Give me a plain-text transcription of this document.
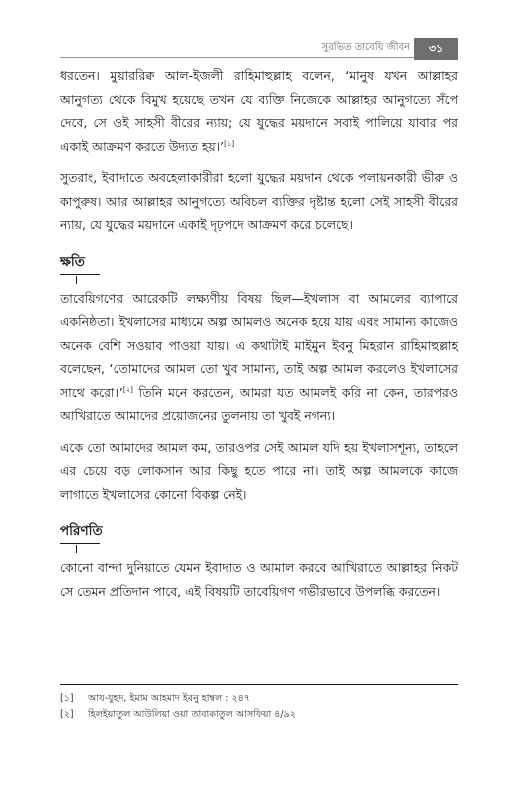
সুরভিত তাবেয়ি জীবন	৩১

ধরতেন। মুয়াররিক্ব আল-ইজলী রাহিমাহুল্লাহ বলেন, ‘মানুষ যখন আল্লাহর আনুগত্য থেকে বিমুখ হয়েছে তখন যে ব্যক্তি নিজেকে আল্লাহর আনুগত্যে সঁপে দেবে, সে ওই সাহসী বীরের ন্যায়; যে যুদ্ধের ময়দানে সবাই পালিয়ে যাবার পর একাই আক্রমণ করতে উদ্যত হয়।’[১]

সুতরাং, ইবাদাতে অবহেলাকারীরা হলো যুদ্ধের ময়দান থেকে পলায়নকারী ভীরু ও কাপুরুষ। আর আল্লাহর আনুগত্যে অবিচল ব্যক্তির দৃষ্টান্ত হলো সেই সাহসী বীরের ন্যায়, যে যুদ্ধের ময়দানে একাই দৃঢ়পদে আক্রমণ করে চলেছে।

ক্ষতি

তাবেয়িগণের আরেকটি লক্ষ্যণীয় বিষয় ছিল—ইখলাস বা আমলের ব্যাপারে একনিষ্ঠতা। ইখলাসের মাধ্যমে অল্প আমলও অনেক হয়ে যায় এবং সামান্য কাজেও অনেক বেশি সওয়াব পাওয়া যায়। এ কথাটাই মাইমুন ইবনু মিহরান রাহিমাহুল্লাহ বলেছেন, ‘তোমাদের আমল তো খুব সামান্য, তাই অল্প আমল করলেও ইখলাসের সাথে করো।’[২] তিনি মনে করতেন, আমরা যত আমলই করি না কেন, তারপরও আখিরাতে আমাদের প্রয়োজনের তুলনায় তা খুবই নগন্য।

একে তো আমাদের আমল কম, তারওপর সেই আমল যদি হয় ইখলাসশূন্য, তাহলে এর চেয়ে বড় লোকসান আর কিছু হতে পারে না। তাই অল্প আমলকে কাজে লাগাতে ইখলাসের কোনো বিকল্প নেই।

পরিণতি

কোনো বান্দা দুনিয়াতে যেমন ইবাদাত ও আমাল করবে আখিরাতে আল্লাহর নিকট সে তেমন প্রতিদান পাবে, এই বিষয়টি তাবেয়িগণ গভীরভাবে উপলব্ধি করতেন।

[১] আয-যুহদ, ইমাম আহমাদ ইবনু হাম্বল : ২৪৭
[২] হিলইয়াতুল আউলিয়া ওয়া তাবাকাতুল আসফিয়া ৪/৯২
